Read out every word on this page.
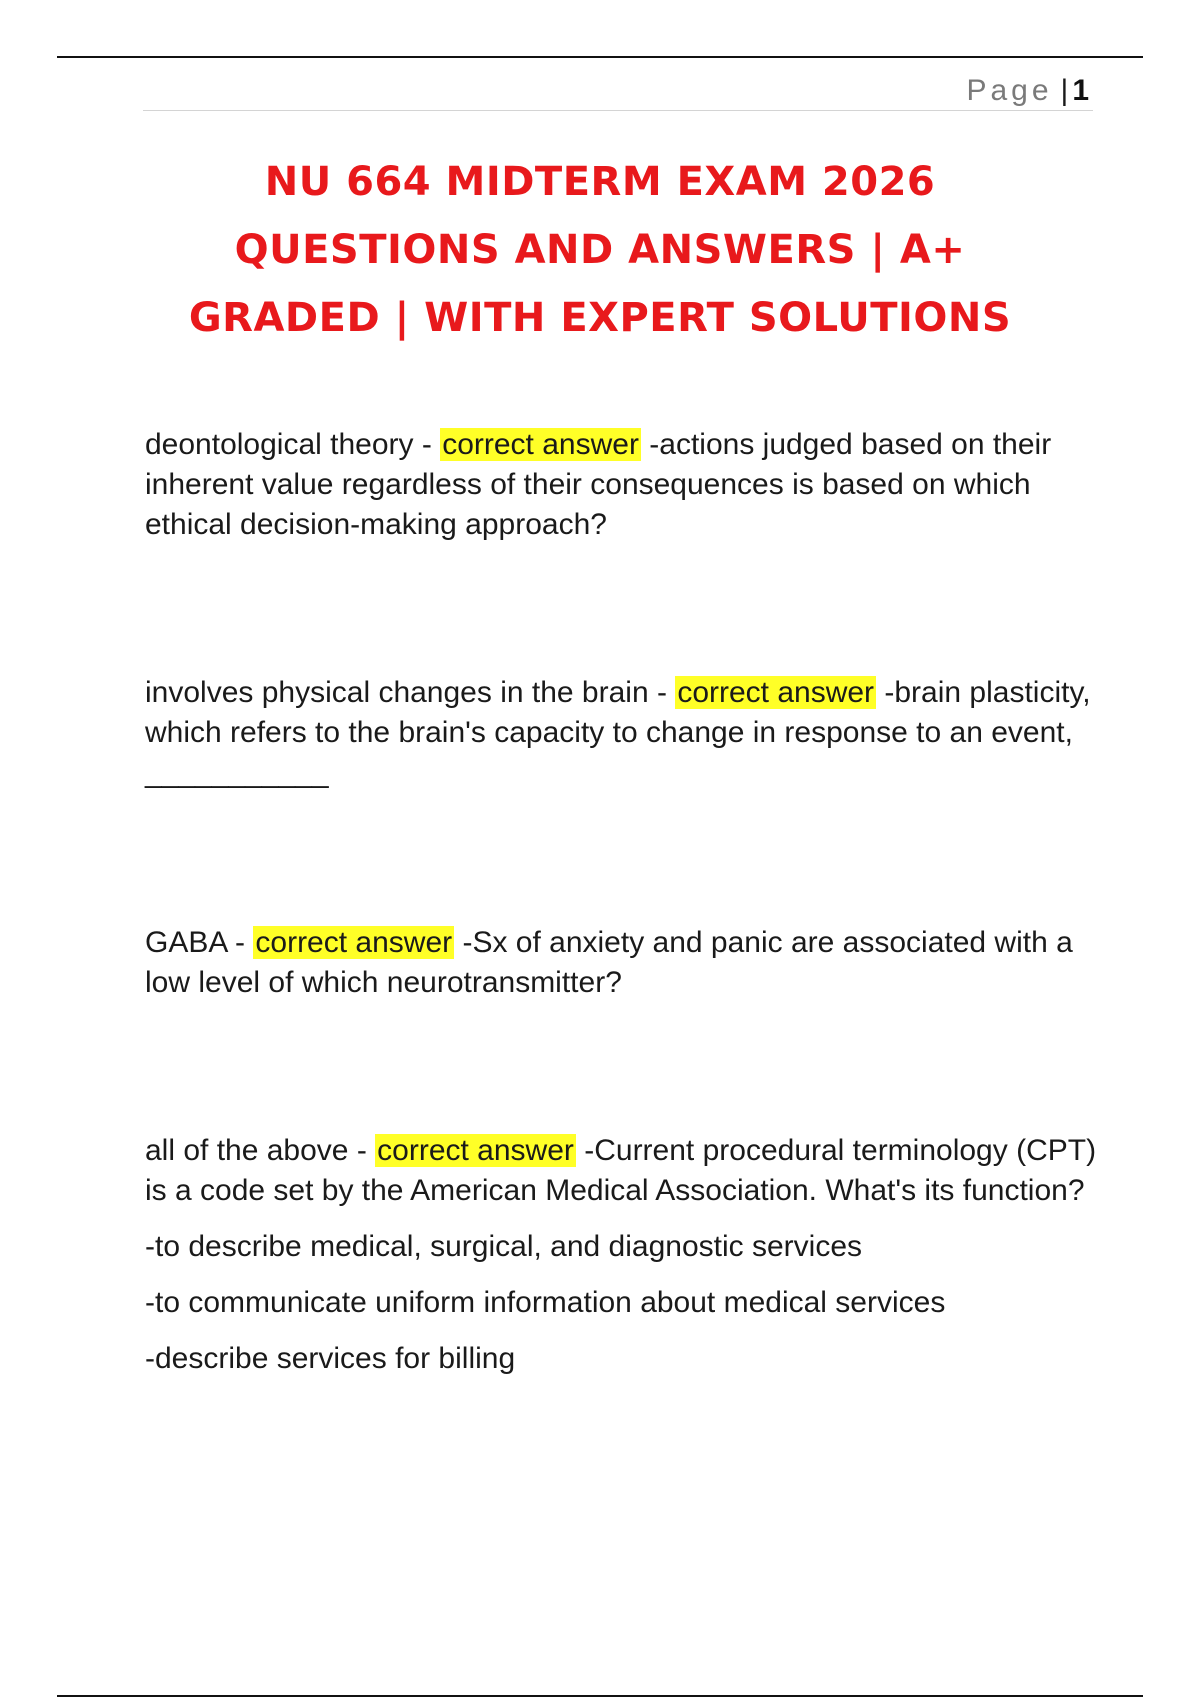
Page | 1
NU 664 MIDTERM EXAM 2026
QUESTIONS AND ANSWERS | A+
GRADED | WITH EXPERT SOLUTIONS

deontological theory - correct answer -actions judged based on their inherent value regardless of their consequences is based on which ethical decision-making approach?

involves physical changes in the brain - correct answer -brain plasticity, which refers to the brain's capacity to change in response to an event, ___________

GABA - correct answer -Sx of anxiety and panic are associated with a low level of which neurotransmitter?

all of the above - correct answer -Current procedural terminology (CPT) is a code set by the American Medical Association. What's its function?
-to describe medical, surgical, and diagnostic services
-to communicate uniform information about medical services
-describe services for billing
